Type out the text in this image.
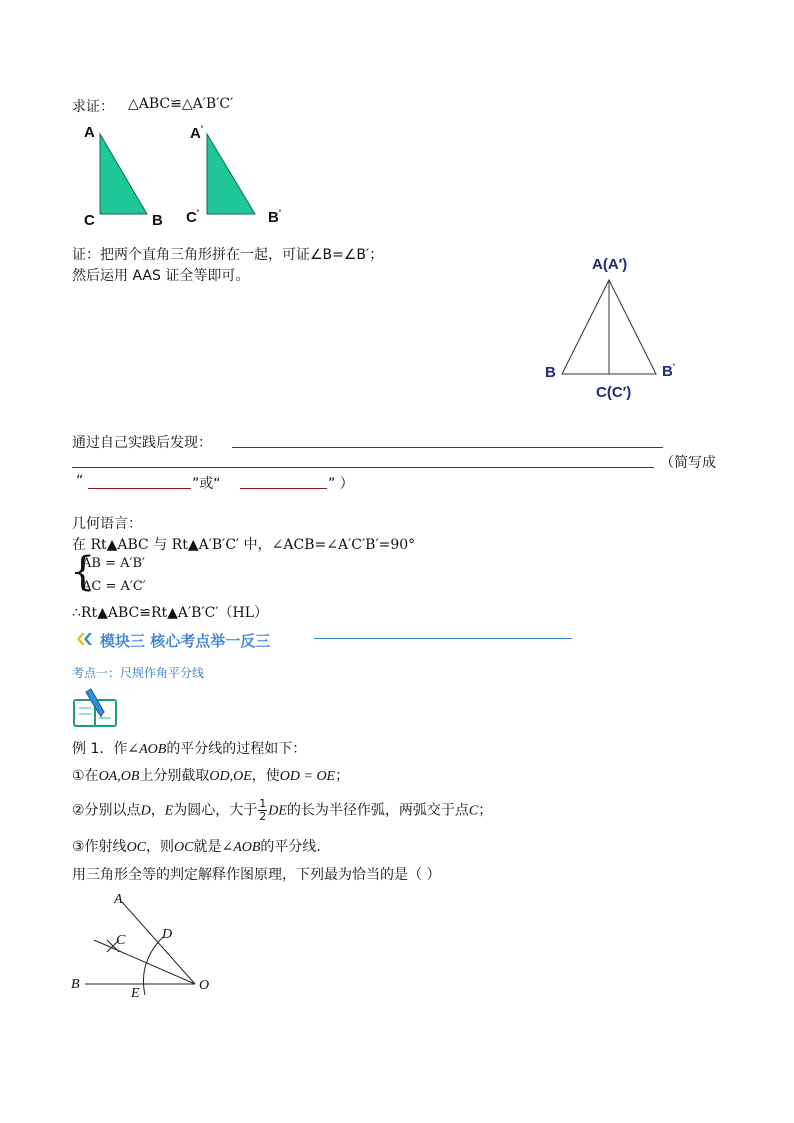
求证： △ABC≌△A′B′C′
A
C	B
A'
C'	B'
证：把两个直角三角形拼在一起，可证∠B=∠B′；
然后运用 AAS 证全等即可。
A(A′)
B	B′
C(C′)
通过自己实践后发现：
（简写成
“	”或“	” ）
几何语言：
在 Rt▲ABC 与 Rt▲A′B′C′ 中，∠ACB=∠A′C′B′=90°
{
AB = A′B′
AC = A′C′
∴Rt▲ABC≌Rt▲A′B′C′（HL）
模块三 核心考点举一反三
考点一：尺规作角平分线
例 1．作∠AOB的平分线的过程如下：
①在OA,OB上分别截取OD,OE，使OD = OE；
②分别以点D，E为圆心，大于 $\frac{1}{2}$ DE的长为半径作弧，两弧交于点C；
③作射线OC，则OC就是∠AOB的平分线．
用三角形全等的判定解释作图原理，下列最为恰当的是（ ）
A
C	D
B
E
O
